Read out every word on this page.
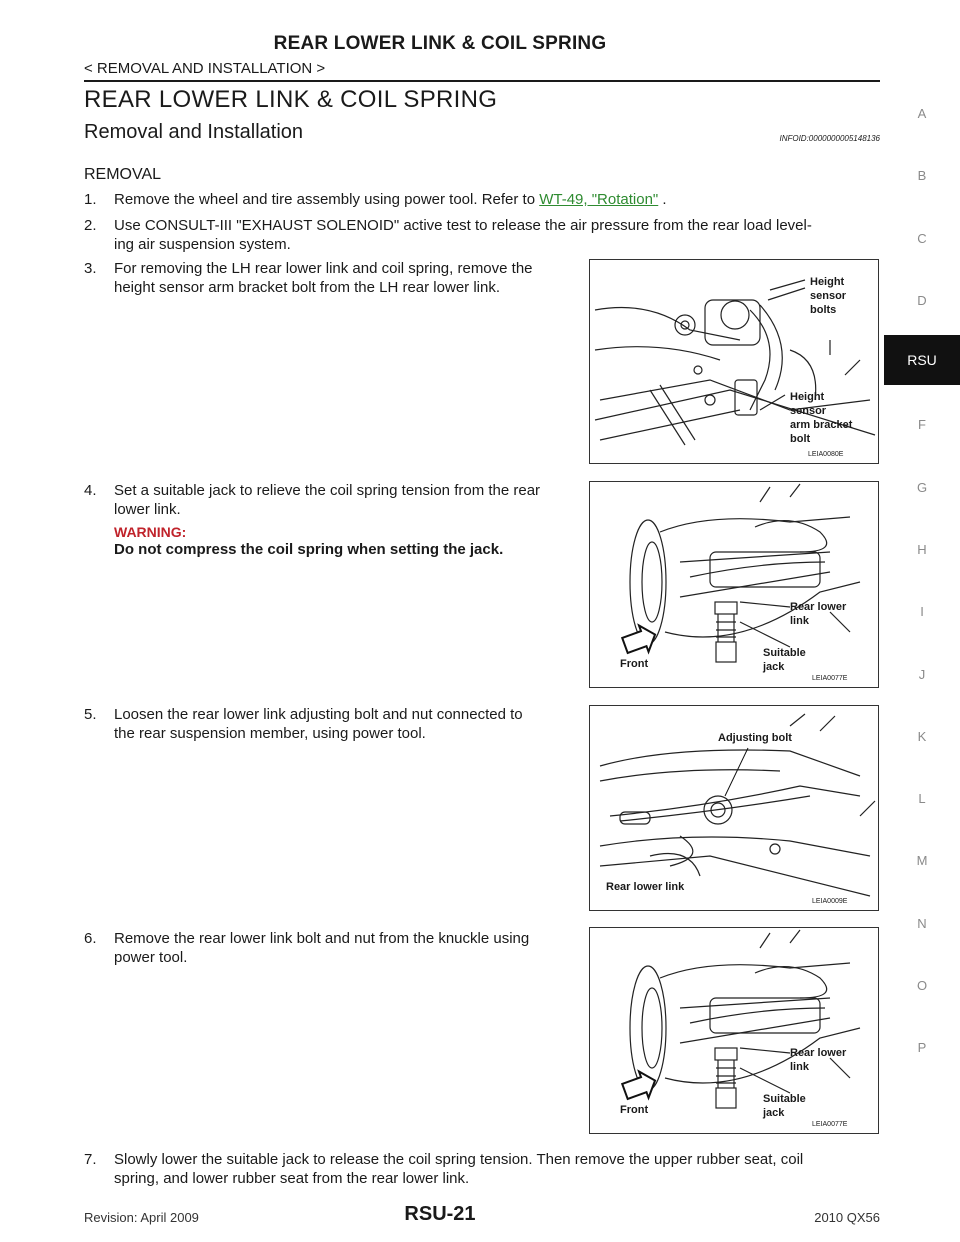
REAR LOWER LINK & COIL SPRING
< REMOVAL AND INSTALLATION >
REAR LOWER LINK & COIL SPRING
Removal and Installation	INFOID:0000000005148136
REMOVAL
1. Remove the wheel and tire assembly using power tool. Refer to WT-49, "Rotation" .
2. Use CONSULT-III "EXHAUST SOLENOID" active test to release the air pressure from the rear load level-
ing air suspension system.
3. For removing the LH rear lower link and coil spring, remove the
height sensor arm bracket bolt from the LH rear lower link.	Height
sensor
bolts
Height
sensor
arm bracket
bolt
LEIA0080E
4. Set a suitable jack to relieve the coil spring tension from the rear
lower link.
WARNING:
Do not compress the coil spring when setting the jack.
Rear lower
link
Suitable
jack
Front
LEIA0077E
5. Loosen the rear lower link adjusting bolt and nut connected to
the rear suspension member, using power tool.	Adjusting bolt
Rear lower link
LEIA0009E
6. Remove the rear lower link bolt and nut from the knuckle using
power tool.
Rear lower
link
Suitable
jack
Front
LEIA0077E
7. Slowly lower the suitable jack to release the coil spring tension. Then remove the upper rubber seat, coil
spring, and lower rubber seat from the rear lower link.
A
B
C
D
RSU
F
G
H
I
J
K
L
M
N
O
P
Revision: April 2009	RSU-21	2010 QX56
